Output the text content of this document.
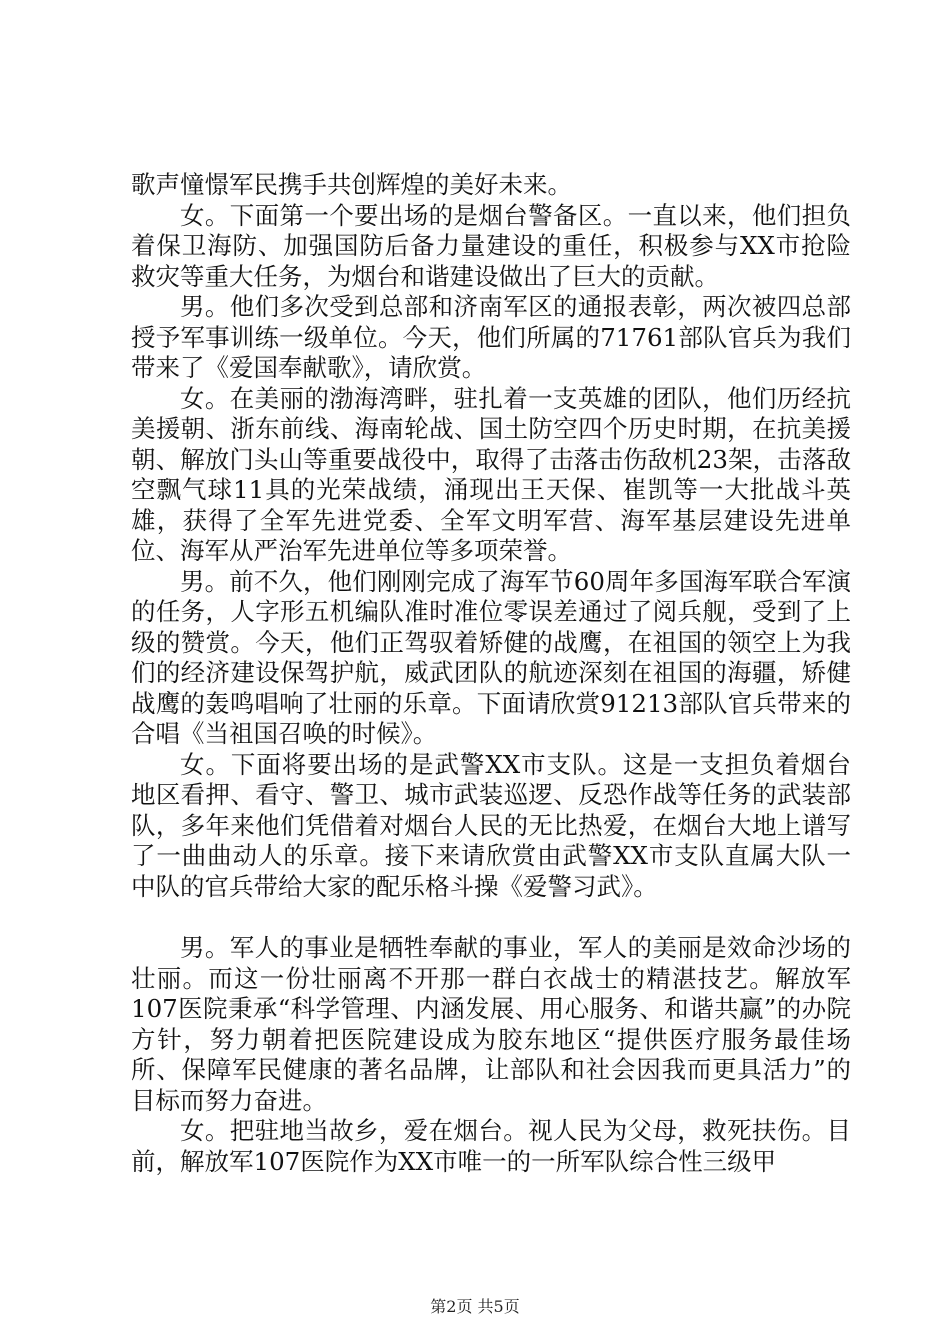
歌声憧憬军民携手共创辉煌的美好未来。

女。下面第一个要出场的是烟台警备区。一直以来，他们担负着保卫海防、加强国防后备力量建设的重任，积极参与XX市抢险救灾等重大任务，为烟台和谐建设做出了巨大的贡献。

男。他们多次受到总部和济南军区的通报表彰，两次被四总部授予军事训练一级单位。今天，他们所属的71761部队官兵为我们带来了《爱国奉献歌》，请欣赏。

女。在美丽的渤海湾畔，驻扎着一支英雄的团队，他们历经抗美援朝、浙东前线、海南轮战、国土防空四个历史时期，在抗美援朝、解放门头山等重要战役中，取得了击落击伤敌机23架，击落敌空飘气球11具的光荣战绩，涌现出王天保、崔凯等一大批战斗英雄，获得了全军先进党委、全军文明军营、海军基层建设先进单位、海军从严治军先进单位等多项荣誉。

男。前不久，他们刚刚完成了海军节60周年多国海军联合军演的任务，人字形五机编队准时准位零误差通过了阅兵舰，受到了上级的赞赏。今天，他们正驾驭着矫健的战鹰，在祖国的领空上为我们的经济建设保驾护航，威武团队的航迹深刻在祖国的海疆，矫健战鹰的轰鸣唱响了壮丽的乐章。下面请欣赏91213部队官兵带来的合唱《当祖国召唤的时候》。

女。下面将要出场的是武警XX市支队。这是一支担负着烟台地区看押、看守、警卫、城市武装巡逻、反恐作战等任务的武装部队，多年来他们凭借着对烟台人民的无比热爱，在烟台大地上谱写了一曲曲动人的乐章。接下来请欣赏由武警XX市支队直属大队一中队的官兵带给大家的配乐格斗操《爱警习武》。

男。军人的事业是牺牲奉献的事业，军人的美丽是效命沙场的壮丽。而这一份壮丽离不开那一群白衣战士的精湛技艺。解放军107医院秉承“科学管理、内涵发展、用心服务、和谐共赢”的办院方针，努力朝着把医院建设成为胶东地区“提供医疗服务最佳场所、保障军民健康的著名品牌，让部队和社会因我而更具活力”的目标而努力奋进。

女。把驻地当故乡，爱在烟台。视人民为父母，救死扶伤。目前，解放军107医院作为XX市唯一的一所军队综合性三级甲

第2页 共5页
